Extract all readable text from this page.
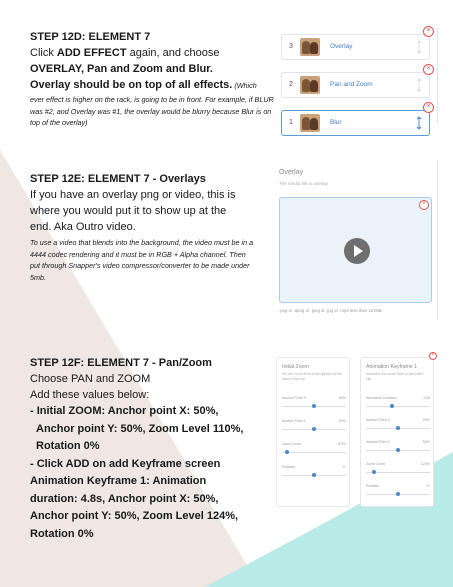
STEP 12D: ELEMENT 7

Click ADD EFFECT again, and choose

OVERLAY, Pan and Zoom and Blur.

Overlay should be on top of all effects. (Which

ever effect is higher on the rack, is going to be in front. For example, if BLUR was #2, and Overlay was #1, the overlay would be blurry because Blur is on top of the overlay)

3	Overlay
×
2	Pan and Zoom
×
1	Blur
×

STEP 12E: ELEMENT 7 - Overlays

If you have an overlay png or video, this is

where you would put it to show up at the

end. Aka Outro video.

To use a video that blends into the background, the video must be in a 4444 codec rendering and it must be in RGB + Alpha channel. Then put through Snapper's video compressor/converter to be made under 5mb.

Overlay
The media file to overlay
×
.png or .apng or .jpeg or .jpg or .mp4 less than 15 MiB

STEP 12F: ELEMENT 7 - Pan/Zoom

Choose PAN and ZOOM

Add these values below:

- Initial ZOOM: Anchor point X: 50%,

Anchor point Y: 50%, Zoom Level 110%,

Rotation 0%

- Click ADD on add Keyframe screen

Animation Keyframe 1: Animation

duration: 4.8s, Anchor point X: 50%,

Anchor point Y: 50%, Zoom Level 124%,

Rotation 0%

Initial Zoom
Set the zoom level to be applied at the start of the clip
Anchor Point X	50%
Anchor Point Y	50%
Zoom Level	110%
Rotation	0°
Animation Keyframe 1
Animates the zoom level in the entire clip
Animation Duration	4.8s
Anchor Point X	50%
Anchor Point Y	50%
Zoom Level	124%
Rotation	0°
×
